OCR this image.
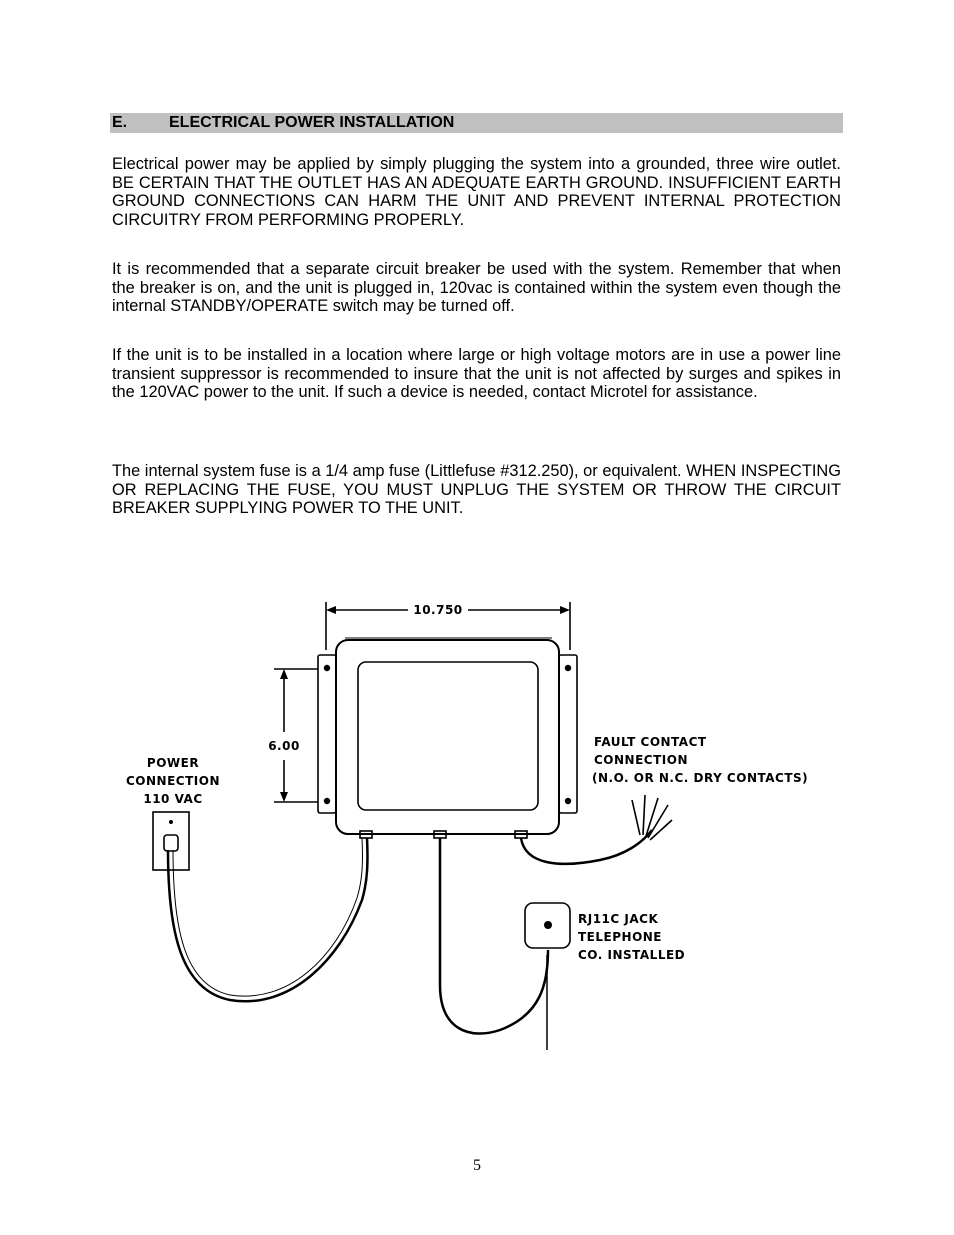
E.	ELECTRICAL POWER INSTALLATION

Electrical power may be applied by simply plugging the system into a grounded, three wire outlet. BE CERTAIN THAT THE OUTLET HAS AN ADEQUATE EARTH GROUND. INSUFFICIENT EARTH GROUND CONNECTIONS CAN HARM THE UNIT AND PREVENT INTERNAL PROTECTION CIRCUITRY FROM PERFORMING PROPERLY.

It is recommended that a separate circuit breaker be used with the system. Remember that when the breaker is on, and the unit is plugged in, 120vac is contained within the system even though the internal STANDBY/OPERATE switch may be turned off.

If the unit is to be installed in a location where large or high voltage motors are in use a power line transient suppressor is recommended to insure that the unit is not affected by surges and spikes in the 120VAC power to the unit. If such a device is needed, contact Microtel for assistance.

The internal system fuse is a 1/4 amp fuse (Littlefuse #312.250), or equivalent. WHEN INSPECTING OR REPLACING THE FUSE, YOU MUST UNPLUG THE SYSTEM OR THROW THE CIRCUIT BREAKER SUPPLYING POWER TO THE UNIT.

10.750
6.00
POWER
CONNECTION
110 VAC
FAULT CONTACT
CONNECTION
(N.O. OR N.C. DRY CONTACTS)
RJ11C JACK
TELEPHONE
CO. INSTALLED
5
